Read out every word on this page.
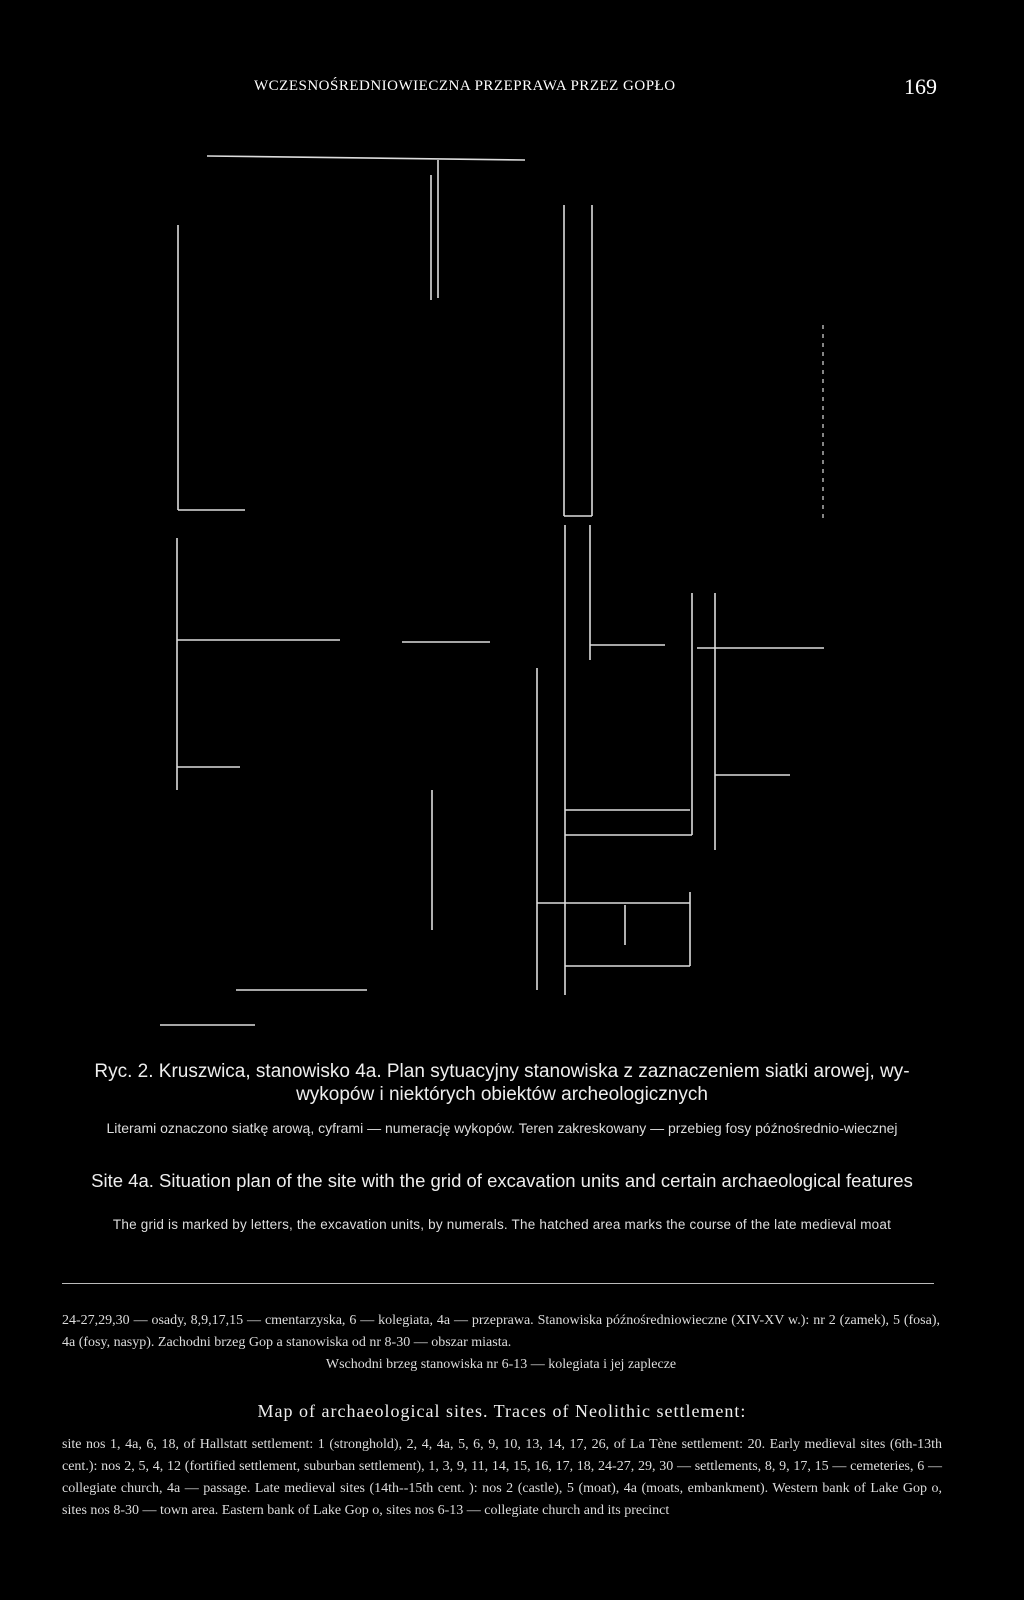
WCZESNOŚREDNIOWIECZNA PRZEPRAWA PRZEZ GOPŁO	169
Ryc. 2. Kruszwica, stanowisko 4a. Plan sytuacyjny stanowiska z zaznaczeniem siatki arowej, wy-wykopów i niektórych obiektów archeologicznych
Literami oznaczono siatkę arową, cyframi — numerację wykopów. Teren zakreskowany — przebieg fosy późnośrednio-wiecznej
Site 4a. Situation plan of the site with the grid of excavation units and certain archaeological features
The grid is marked by letters, the excavation units, by numerals. The hatched area marks the course of the late medieval moat
24-27,29,30 — osady, 8,9,17,15 — cmentarzyska, 6 — kolegiata, 4a — przeprawa. Stanowiska późnośredniowieczne (XIV-XV w.): nr 2 (zamek), 5 (fosa), 4a (fosy, nasyp). Zachodni brzeg Gop a stanowiska od nr 8-30 — obszar miasta.
Wschodni brzeg stanowiska nr 6-13 — kolegiata i jej zaplecze
Map of archaeological sites. Traces of Neolithic settlement:
site nos 1, 4a, 6, 18, of Hallstatt settlement: 1 (stronghold), 2, 4, 4a, 5, 6, 9, 10, 13, 14, 17, 26, of La Tène settlement: 20. Early medieval sites (6th-13th cent.): nos 2, 5, 4, 12 (fortified settlement, suburban settlement), 1, 3, 9, 11, 14, 15, 16, 17, 18, 24-27, 29, 30 — settlements, 8, 9, 17, 15 — cemeteries, 6 — collegiate church, 4a — passage. Late medieval sites (14th--15th cent. ): nos 2 (castle), 5 (moat), 4a (moats, embankment). Western bank of Lake Gop o, sites nos 8-30 — town area. Eastern bank of Lake Gop o, sites nos 6-13 — collegiate church and its precinct
